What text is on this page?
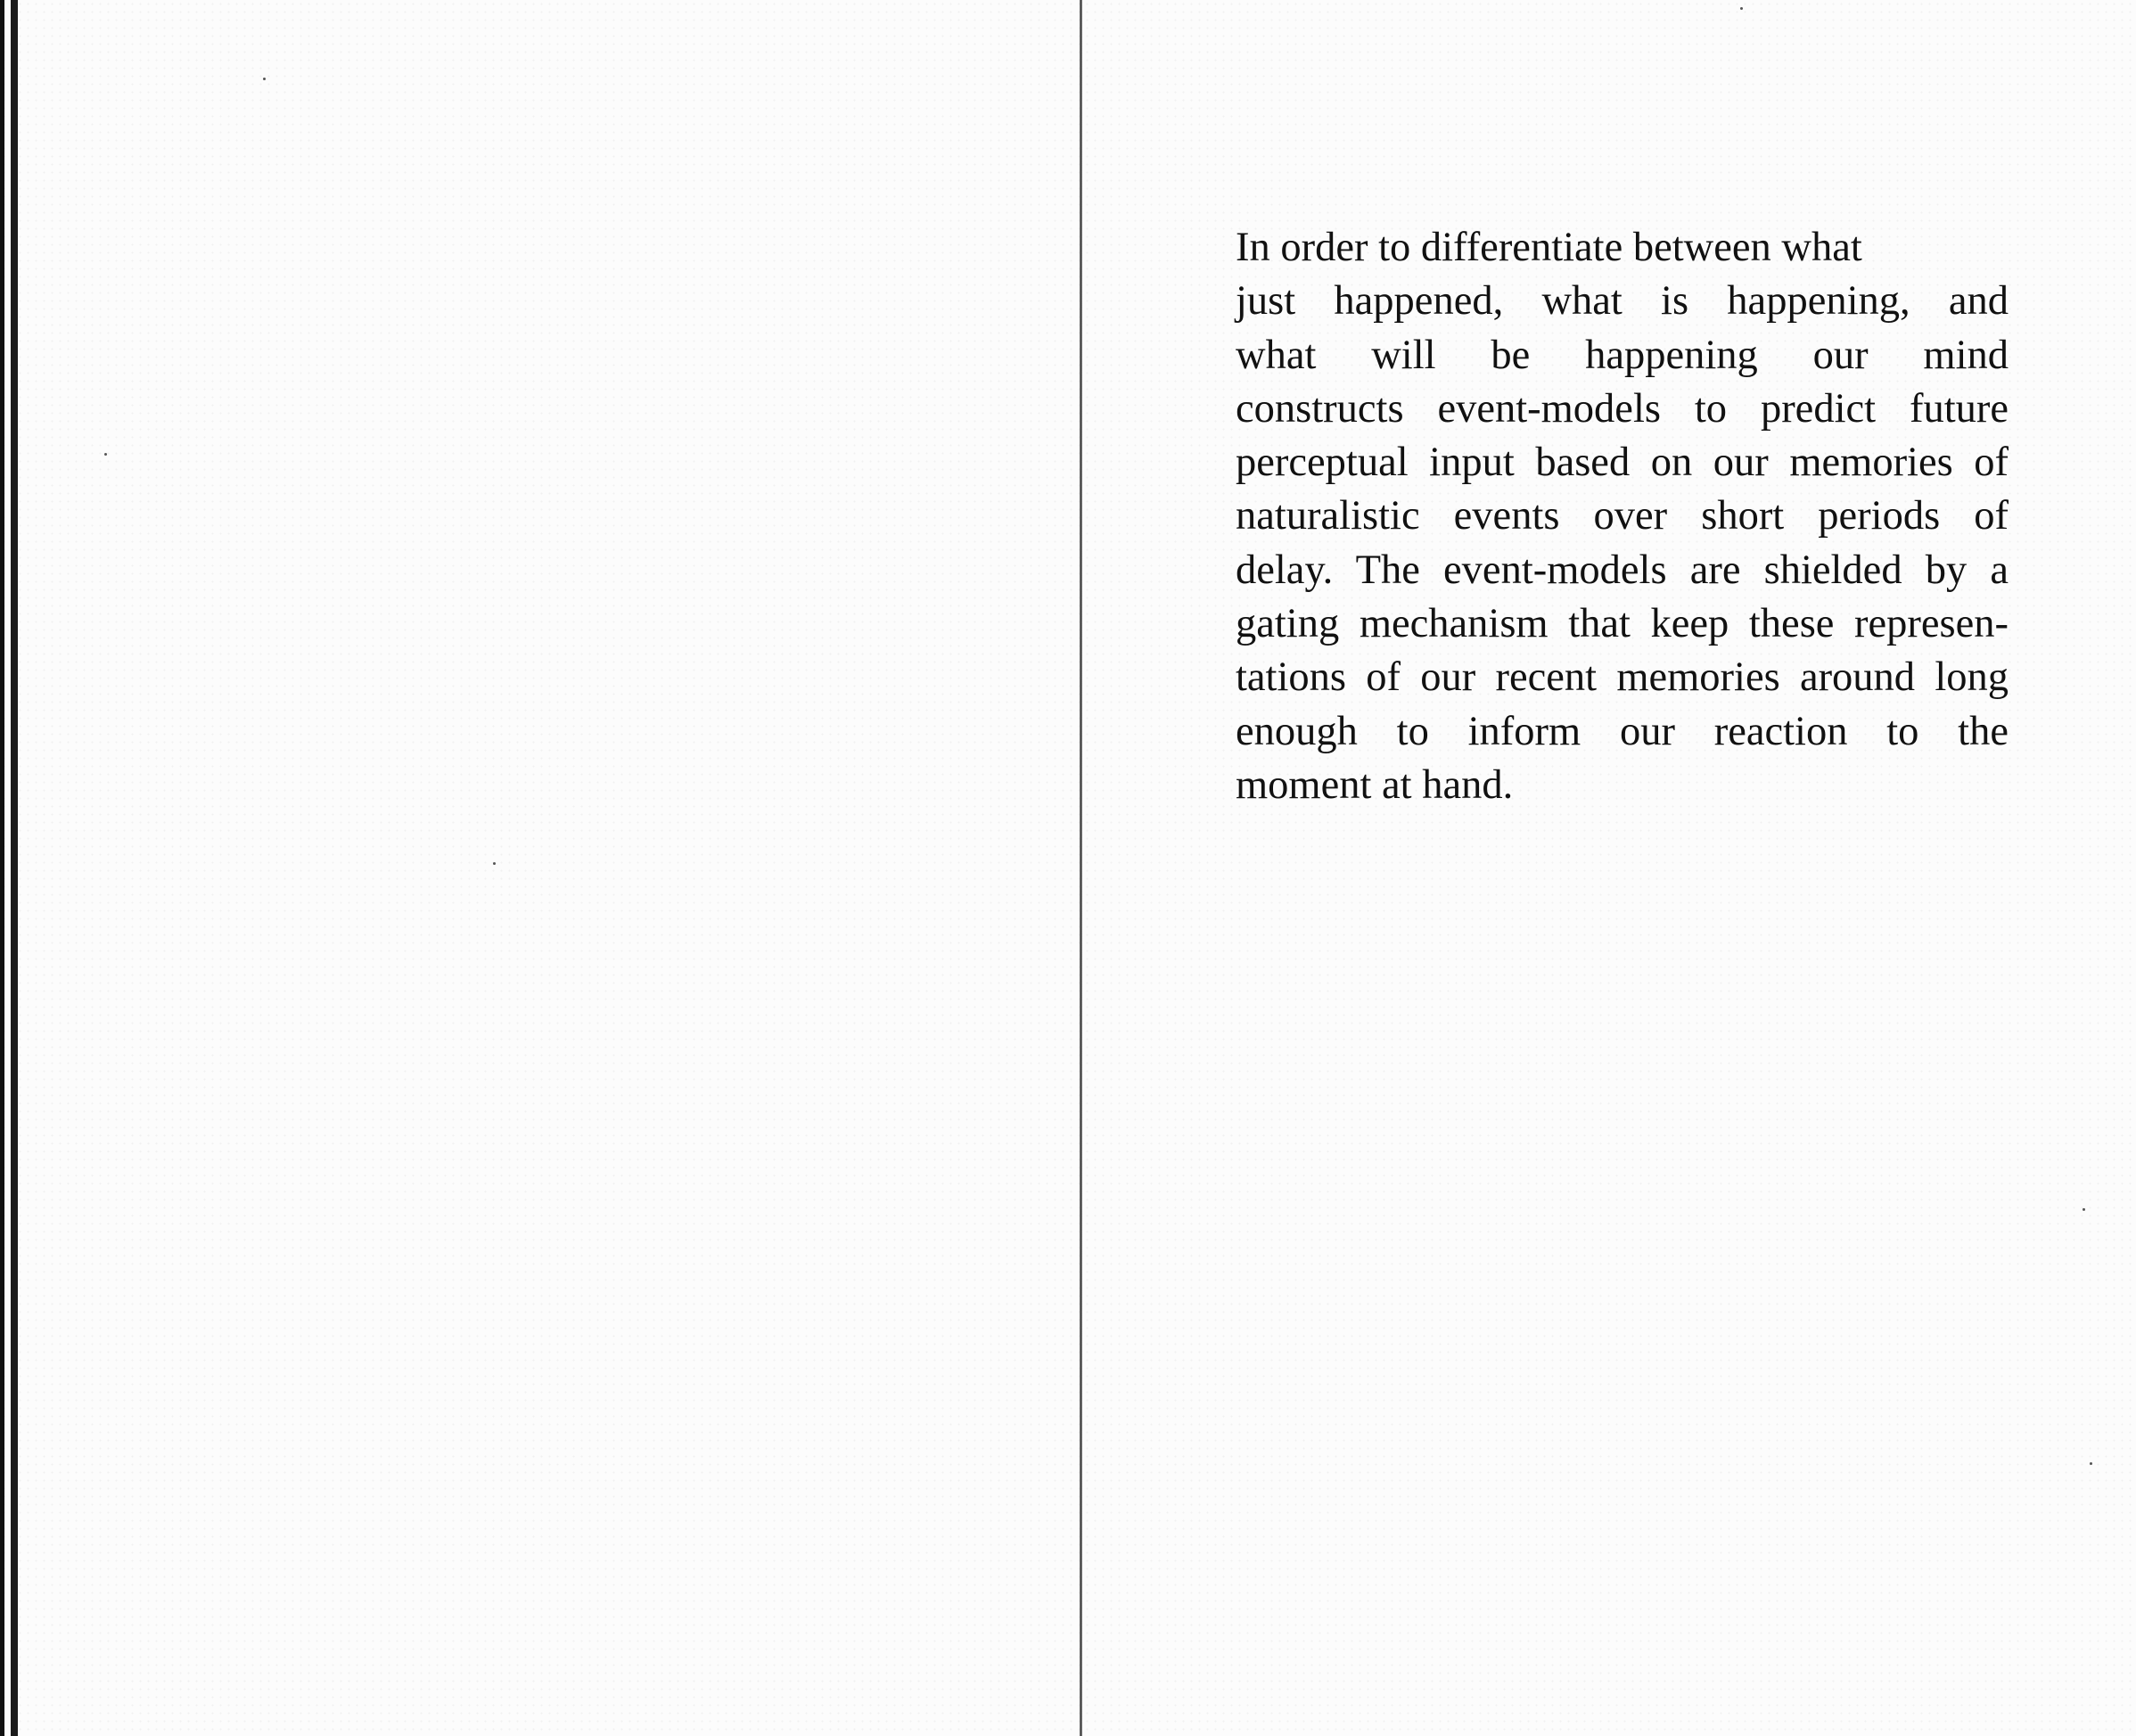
In order to differentiate between what
just happened, what is happening, and
what will be happening our mind
constructs event-models to predict future
perceptual input based on our memories of
naturalistic events over short periods of
delay. The event-models are shielded by a
gating mechanism that keep these represen-
tations of our recent memories around long
enough to inform our reaction to the
moment at hand.
